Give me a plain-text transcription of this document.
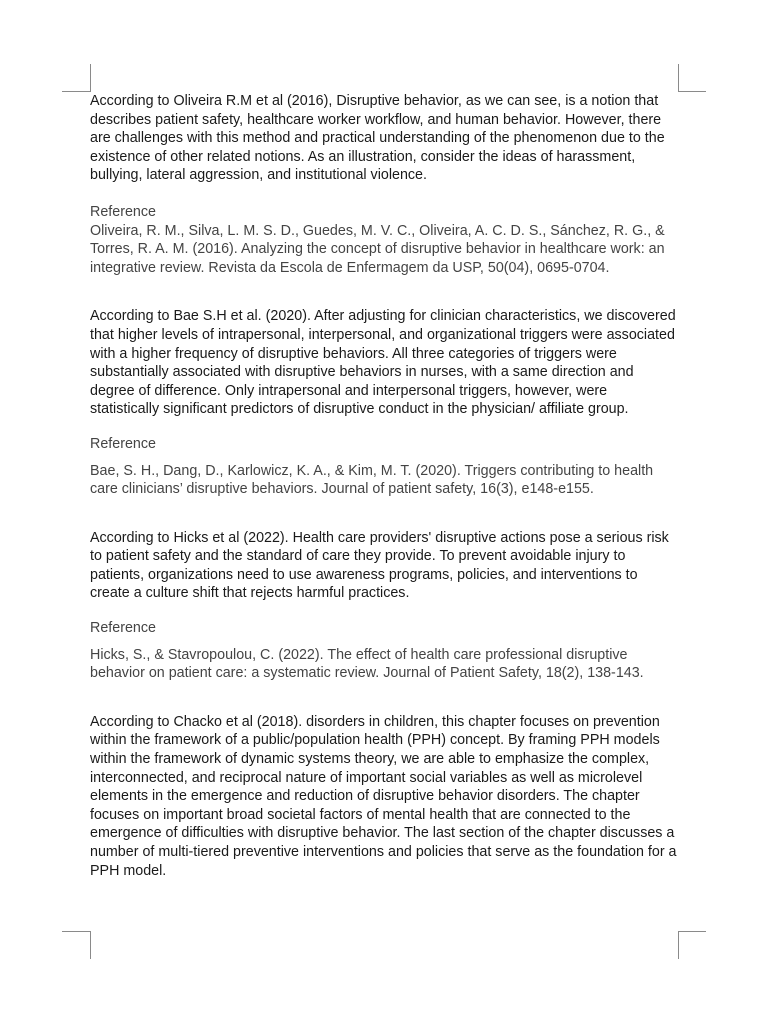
According to Oliveira R.M et al (2016), Disruptive behavior, as we can see, is a notion that describes patient safety, healthcare worker workflow, and human behavior. However, there are challenges with this method and practical understanding of the phenomenon due to the existence of other related notions. As an illustration, consider the ideas of harassment, bullying, lateral aggression, and institutional violence.

Reference

Oliveira, R. M., Silva, L. M. S. D., Guedes, M. V. C., Oliveira, A. C. D. S., Sánchez, R. G., & Torres, R. A. M. (2016). Analyzing the concept of disruptive behavior in healthcare work: an integrative review. Revista da Escola de Enfermagem da USP, 50(04), 0695-0704.

According to Bae S.H et al. (2020). After adjusting for clinician characteristics, we discovered that higher levels of intrapersonal, interpersonal, and organizational triggers were associated with a higher frequency of disruptive behaviors. All three categories of triggers were substantially associated with disruptive behaviors in nurses, with a same direction and degree of difference. Only intrapersonal and interpersonal triggers, however, were statistically significant predictors of disruptive conduct in the physician/ affiliate group.

Reference

Bae, S. H., Dang, D., Karlowicz, K. A., & Kim, M. T. (2020). Triggers contributing to health care clinicians’ disruptive behaviors. Journal of patient safety, 16(3), e148-e155.

According to Hicks et al (2022). Health care providers' disruptive actions pose a serious risk to patient safety and the standard of care they provide. To prevent avoidable injury to patients, organizations need to use awareness programs, policies, and interventions to create a culture shift that rejects harmful practices.

Reference

Hicks, S., & Stavropoulou, C. (2022). The effect of health care professional disruptive behavior on patient care: a systematic review. Journal of Patient Safety, 18(2), 138-143.

According to Chacko et al (2018). disorders in children, this chapter focuses on prevention within the framework of a public/population health (PPH) concept. By framing PPH models within the framework of dynamic systems theory, we are able to emphasize the complex, interconnected, and reciprocal nature of important social variables as well as microlevel elements in the emergence and reduction of disruptive behavior disorders. The chapter focuses on important broad societal factors of mental health that are connected to the emergence of difficulties with disruptive behavior. The last section of the chapter discusses a number of multi-tiered preventive interventions and policies that serve as the foundation for a PPH model.
